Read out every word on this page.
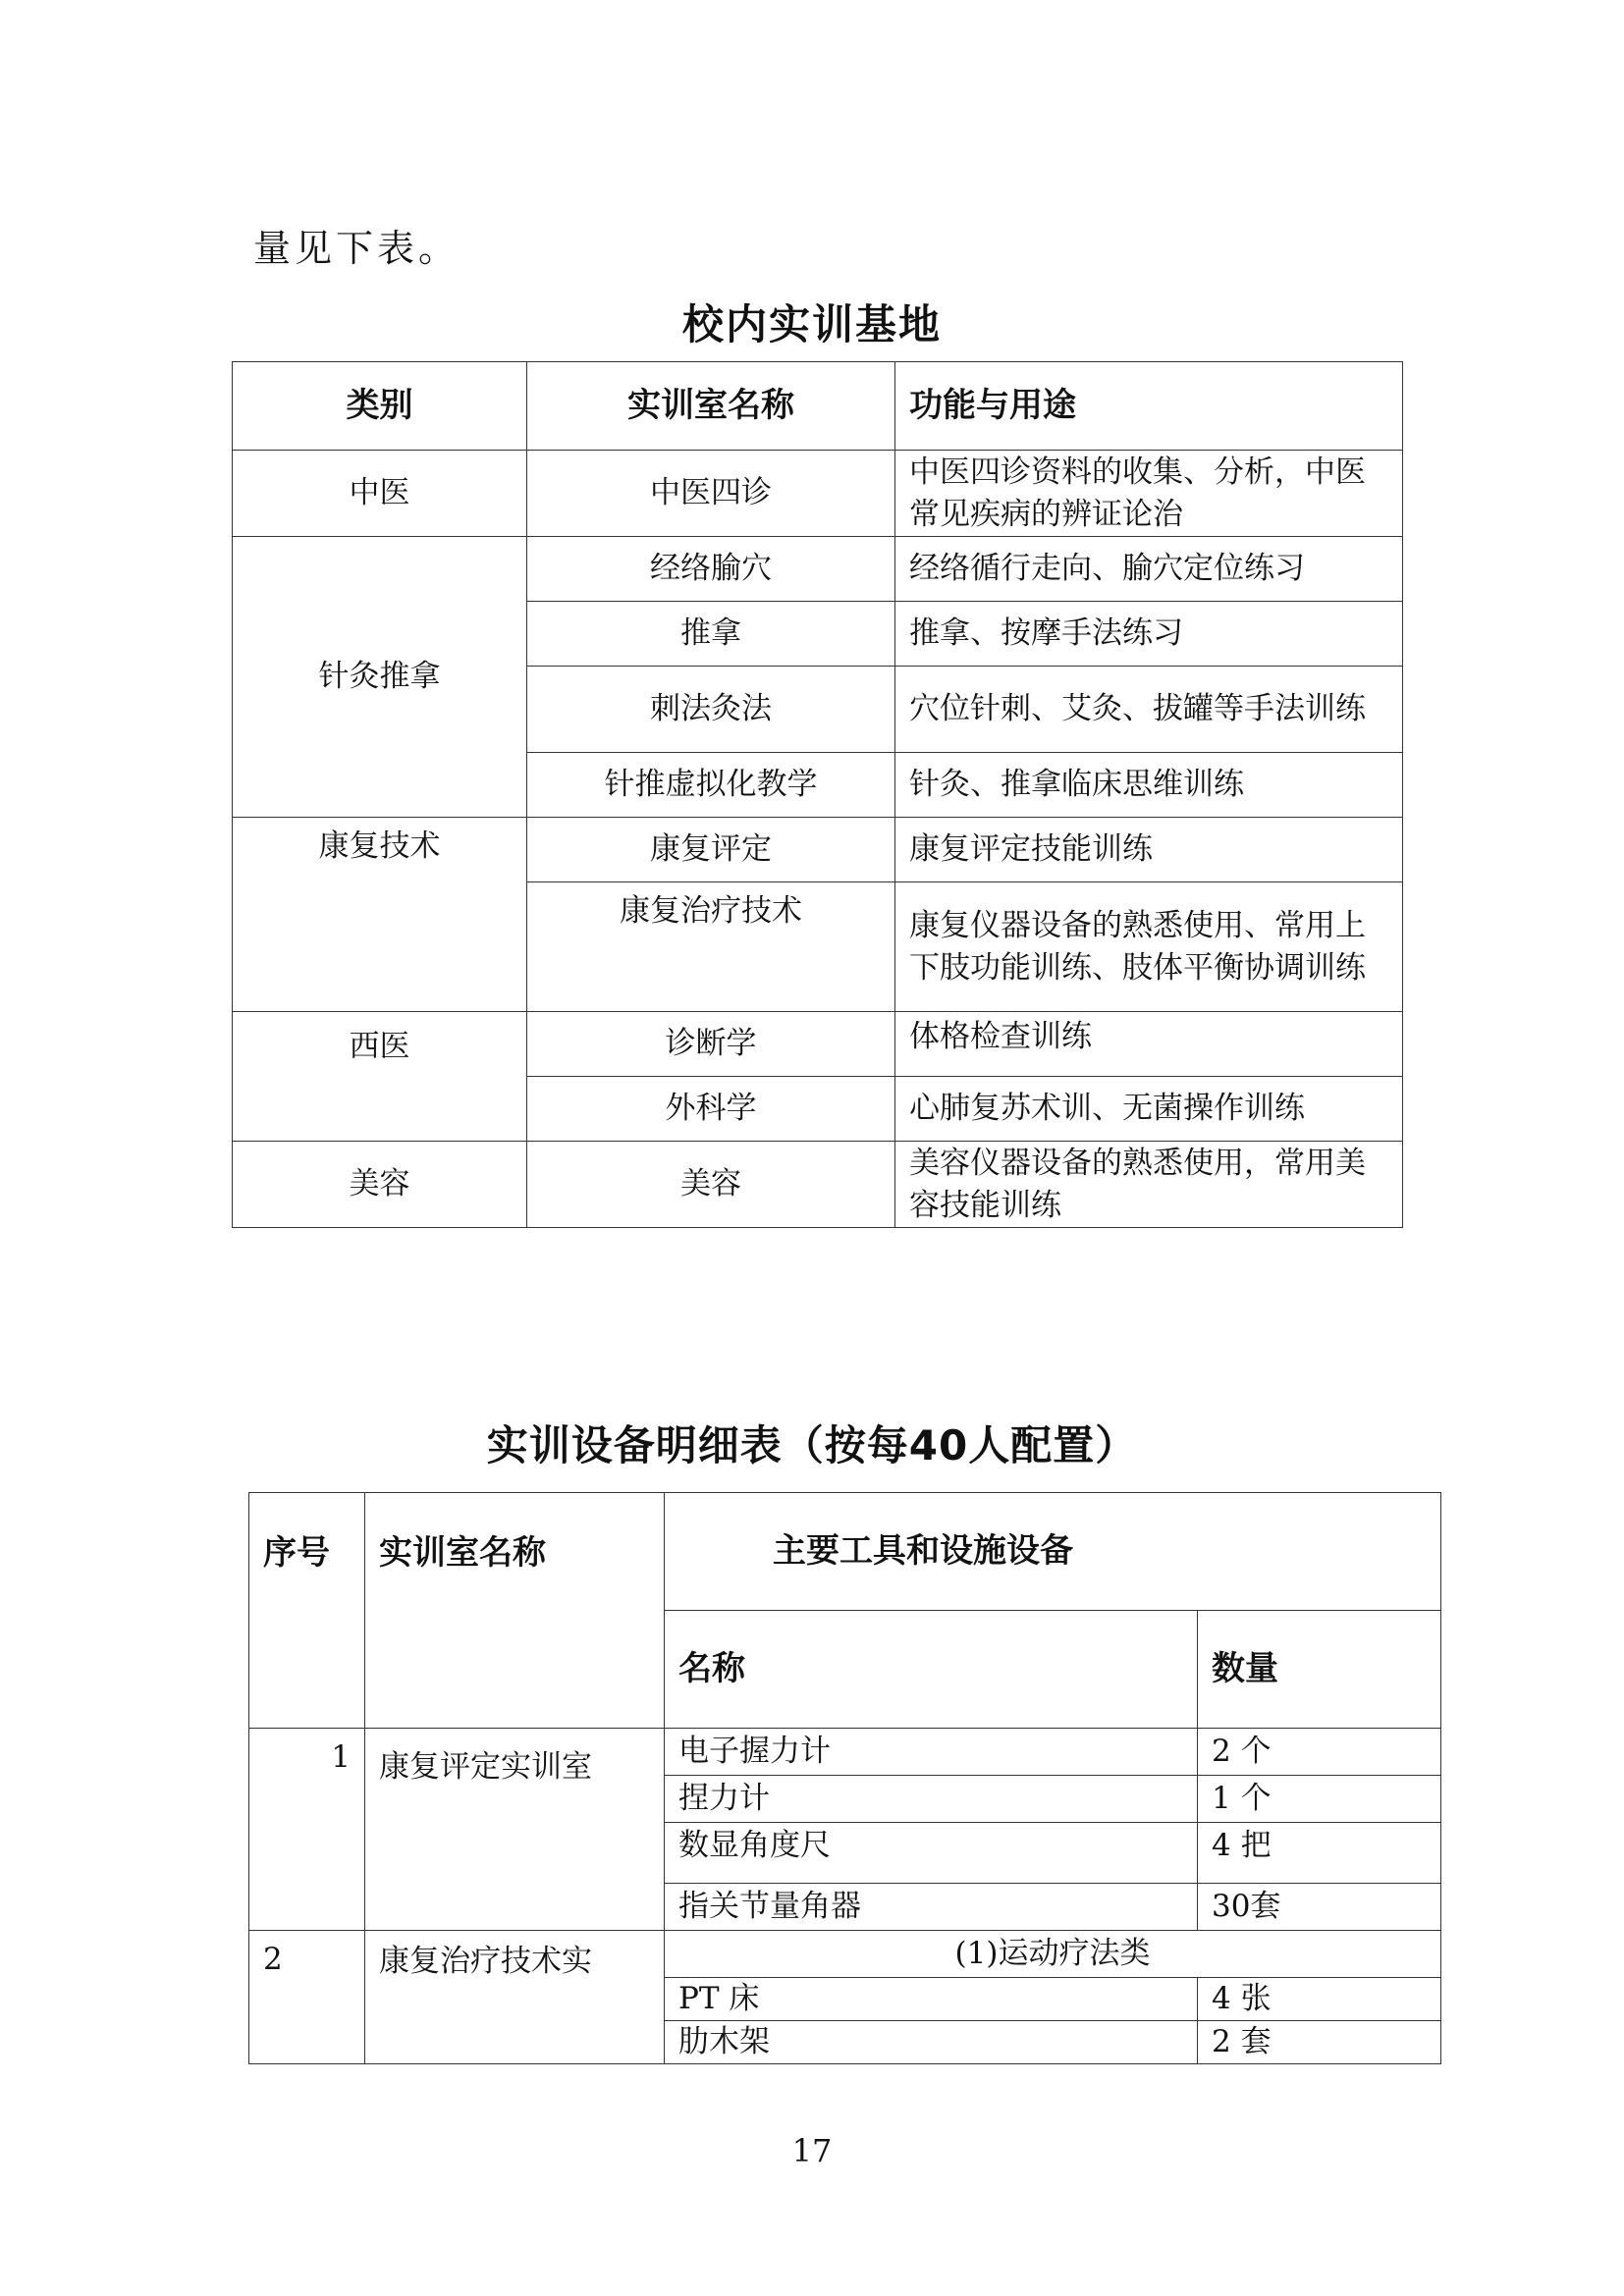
量见下表。
校内实训基地
类别	实训室名称	功能与用途
中医	中医四诊	中医四诊资料的收集、分析，中医常见疾病的辨证论治
针灸推拿	经络腧穴	经络循行走向、腧穴定位练习
	推拿	推拿、按摩手法练习
	刺法灸法	穴位针刺、艾灸、拔罐等手法训练
	针推虚拟化教学	针灸、推拿临床思维训练
康复技术	康复评定	康复评定技能训练
	康复治疗技术	康复仪器设备的熟悉使用、常用上下肢功能训练、肢体平衡协调训练
西医	诊断学	体格检查训练
	外科学	心肺复苏术训、无菌操作训练
美容	美容	美容仪器设备的熟悉使用，常用美容技能训练
实训设备明细表（按每40人配置）
序号	实训室名称	主要工具和设施设备	
		名称	数量
1	康复评定实训室	电子握力计	2 个
		捏力计	1 个
		数显角度尺	4 把
		指关节量角器	30套
2	康复治疗技术实	(1)运动疗法类	
		PT 床	4 张
		肋木架	2 套
17
